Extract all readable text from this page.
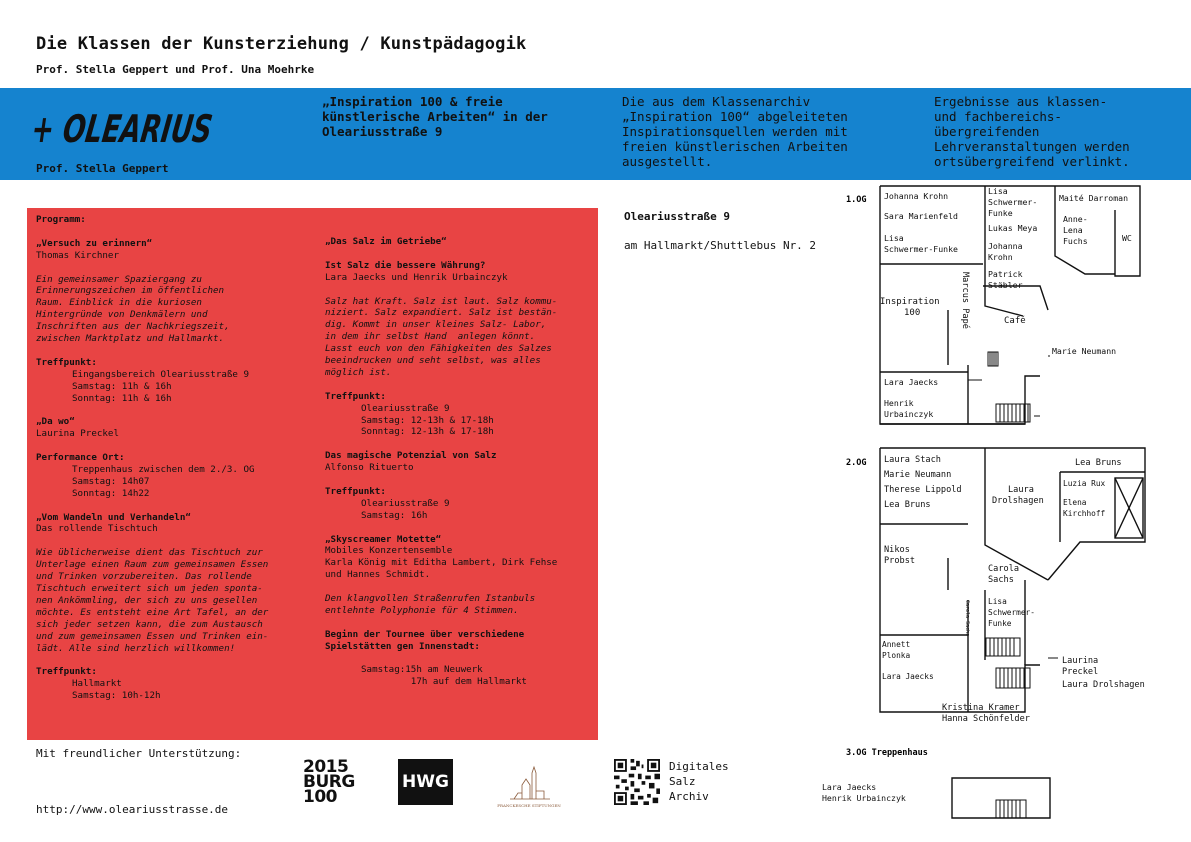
Die Klassen der Kunsterziehung / Kunstpädagogik
Prof. Stella Geppert und Prof. Una Moehrke
+ OLEARIUS
Prof. Stella Geppert
„Inspiration 100 & freie
künstlerische Arbeiten“ in der
Oleariusstraße 9
Die aus dem Klassenarchiv
„Inspiration 100“ abgeleiteten
Inspirationsquellen werden mit
freien künstlerischen Arbeiten
ausgestellt.
Ergebnisse aus klassen-
und fachbereichs-
übergreifenden
Lehrveranstaltungen werden
ortsübergreifend verlinkt.
Programm:
„Versuch zu erinnern“
Thomas Kirchner
Ein gemeinsamer Spaziergang zu
Erinnerungszeichen im öffentlichen
Raum. Einblick in die kuriosen
Hintergründe von Denkmälern und
Inschriften aus der Nachkriegszeit,
zwischen Marktplatz und Hallmarkt.
Treffpunkt:
Eingangsbereich Oleariusstraße 9
Samstag: 11h & 16h
Sonntag: 11h & 16h
„Da wo“
Laurina Preckel
Performance Ort:
Treppenhaus zwischen dem 2./3. OG
Samstag: 14h07
Sonntag: 14h22
„Vom Wandeln und Verhandeln“
Das rollende Tischtuch
Wie üblicherweise dient das Tischtuch zur
Unterlage einen Raum zum gemeinsamen Essen
und Trinken vorzubereiten. Das rollende
Tischtuch erweitert sich um jeden sponta-
nen Ankömmling, der sich zu uns gesellen
möchte. Es entsteht eine Art Tafel, an der
sich jeder setzen kann, die zum Austausch
und zum gemeinsamen Essen und Trinken ein-
lädt. Alle sind herzlich willkommen!
Treffpunkt:
Hallmarkt
Samstag: 10h-12h
„Das Salz im Getriebe“
Ist Salz die bessere Währung?
Lara Jaecks und Henrik Urbainczyk
Salz hat Kraft. Salz ist laut. Salz kommu-
niziert. Salz expandiert. Salz ist bestän-
dig. Kommt in unser kleines Salz- Labor,
in dem ihr selbst Hand  anlegen könnt.
Lasst euch von den Fähigkeiten des Salzes
beeindrucken und seht selbst, was alles
möglich ist.
Treffpunkt:
Oleariusstraße 9
Samstag: 12-13h & 17-18h
Sonntag: 12-13h & 17-18h
Das magische Potenzial von Salz
Alfonso Rituerto
Treffpunkt:
Oleariusstraße 9
Samstag: 16h
„Skyscreamer Motette“
Mobiles Konzertensemble
Karla König mit Editha Lambert, Dirk Fehse
und Hannes Schmidt.
Den klangvollen Straßenrufen Istanbuls
entlehnte Polyphonie für 4 Stimmen.
Beginn der Tournee über verschiedene
Spielstätten gen Innenstadt:
Samstag:15h am Neuwerk
17h auf dem Hallmarkt
Oleariusstraße 9
am Hallmarkt/Shuttlebus Nr. 2
1.OG
2.OG
3.OG Treppenhaus
Johanna Krohn
Sara Marienfeld
Lisa
Schwermer-Funke
Lisa
Schwermer-
Funke
Lukas Meya
Johanna
Krohn
Patrick
Stäbler
Maité Darroman
Anne-
Lena
Fuchs	WC
Inspiration
100	Marcus Papé	Café
Marie Neumann
Lara Jaecks
Henrik
Urbainczyk
Laura Stach
Marie Neumann
Therese Lippold
Lea Bruns
Laura
Drolshagen
Lea Bruns
Luzia Rux
Elena
Kirchhoff
Nikos
Probst
Carola
Sachs
Lisa
Schwermer-
Funke
Carola Sachs
Annett
Plonka
Lara Jaecks
Laurina
Preckel
Laura Drolshagen
Kristina Kramer
Hanna Schönfelder
Lara Jaecks
Henrik Urbainczyk
Mit freundlicher Unterstützung:
http://www.oleariusstrasse.de
2015
BURG
100
HWG
FRANCKESCHE STIFTUNGEN
Digitales
Salz
Archiv
